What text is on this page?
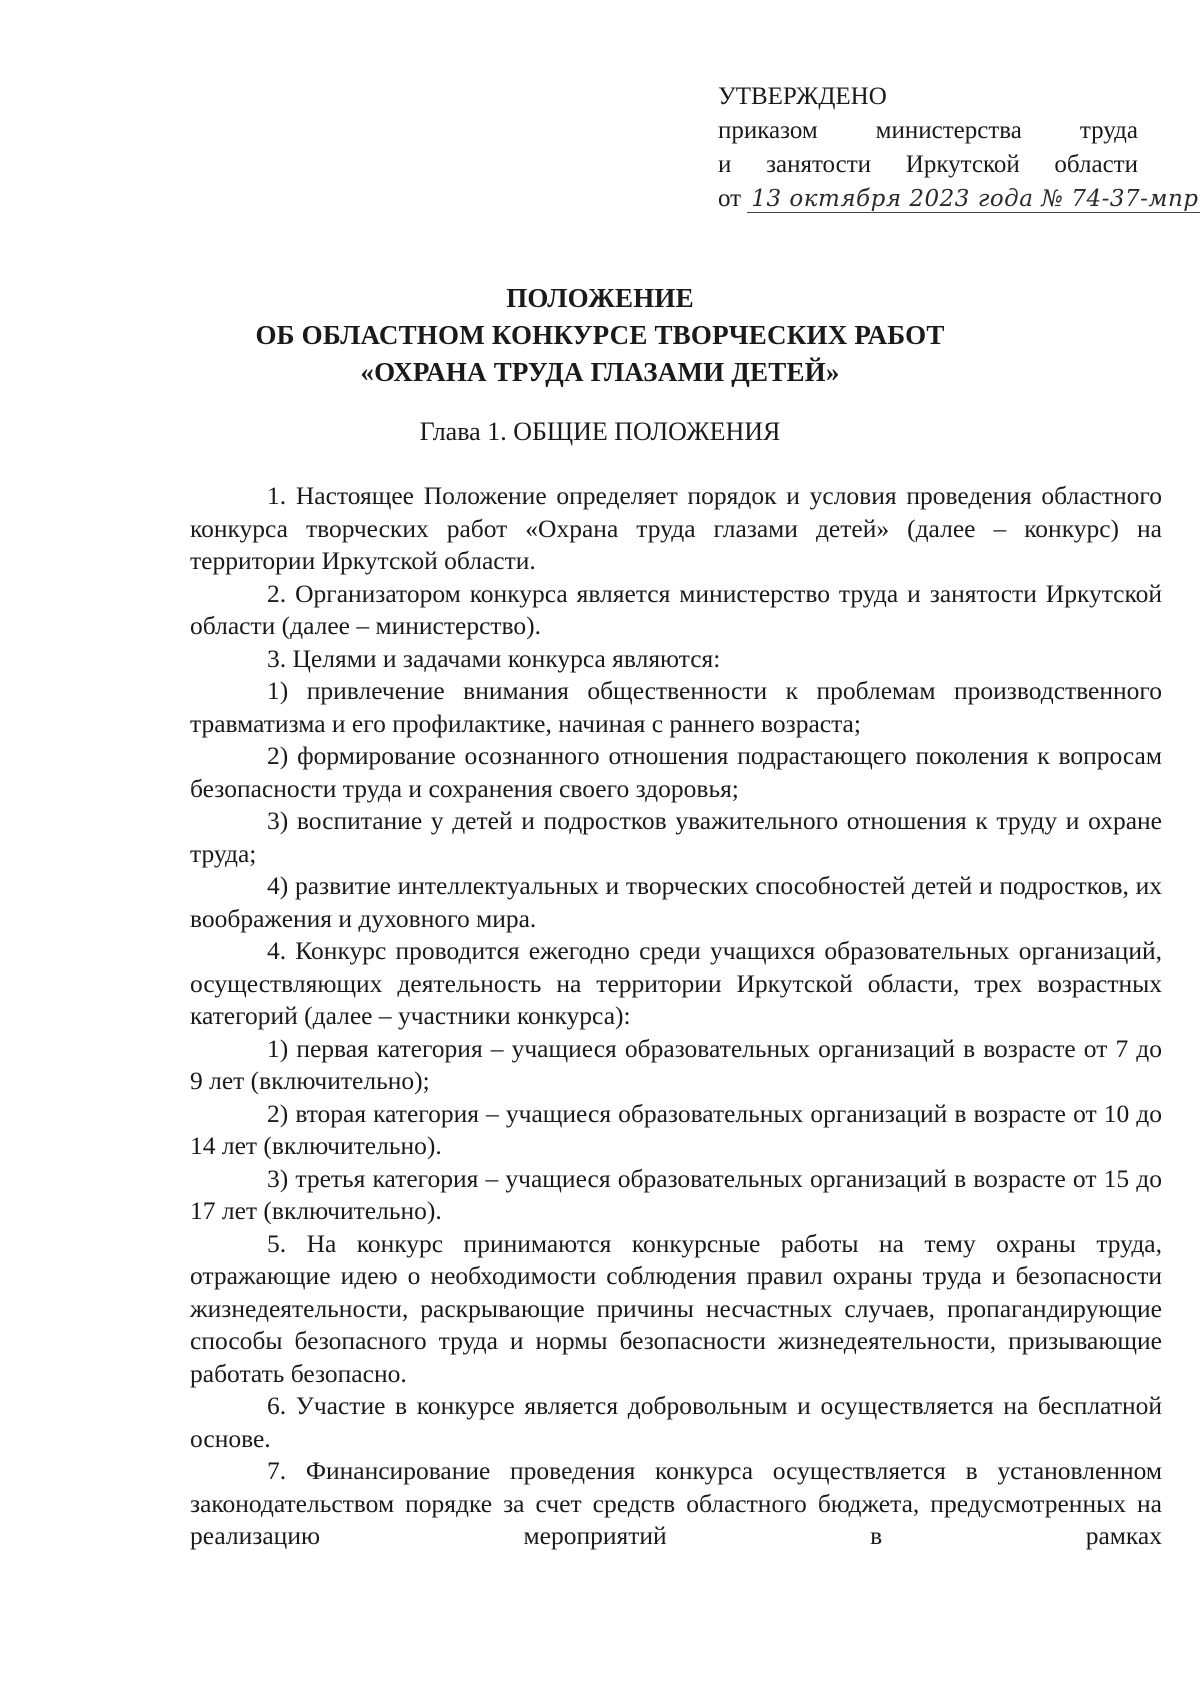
УТВЕРЖДЕНО
приказом министерства труда
и занятости Иркутской области
от 13 октября 2023 года № 74-37-мпр
ПОЛОЖЕНИЕ
ОБ ОБЛАСТНОМ КОНКУРСЕ ТВОРЧЕСКИХ РАБОТ
«ОХРАНА ТРУДА ГЛАЗАМИ ДЕТЕЙ»
Глава 1. ОБЩИЕ ПОЛОЖЕНИЯ

1. Настоящее Положение определяет порядок и условия проведения областного конкурса творческих работ «Охрана труда глазами детей» (далее – конкурс) на территории Иркутской области.

2. Организатором конкурса является министерство труда и занятости Иркутской области (далее – министерство).

3. Целями и задачами конкурса являются:

1) привлечение внимания общественности к проблемам производственного травматизма и его профилактике, начиная с раннего возраста;

2) формирование осознанного отношения подрастающего поколения к вопросам безопасности труда и сохранения своего здоровья;

3) воспитание у детей и подростков уважительного отношения к труду и охране труда;

4) развитие интеллектуальных и творческих способностей детей и подростков, их воображения и духовного мира.

4. Конкурс проводится ежегодно среди учащихся образовательных организаций, осуществляющих деятельность на территории Иркутской области, трех возрастных категорий (далее – участники конкурса):

1) первая категория – учащиеся образовательных организаций в возрасте от 7 до 9 лет (включительно);

2) вторая категория – учащиеся образовательных организаций в возрасте от 10 до 14 лет (включительно).

3) третья категория – учащиеся образовательных организаций в возрасте от 15 до 17 лет (включительно).

5. На конкурс принимаются конкурсные работы на тему охраны труда, отражающие идею о необходимости соблюдения правил охраны труда и безопасности жизнедеятельности, раскрывающие причины несчастных случаев, пропагандирующие способы безопасного труда и нормы безопасности жизнедеятельности, призывающие работать безопасно.

6. Участие в конкурсе является добровольным и осуществляется на бесплатной основе.

7. Финансирование проведения конкурса осуществляется в установленном законодательством порядке за счет средств областного бюджета, предусмотренных на реализацию мероприятий в рамках
